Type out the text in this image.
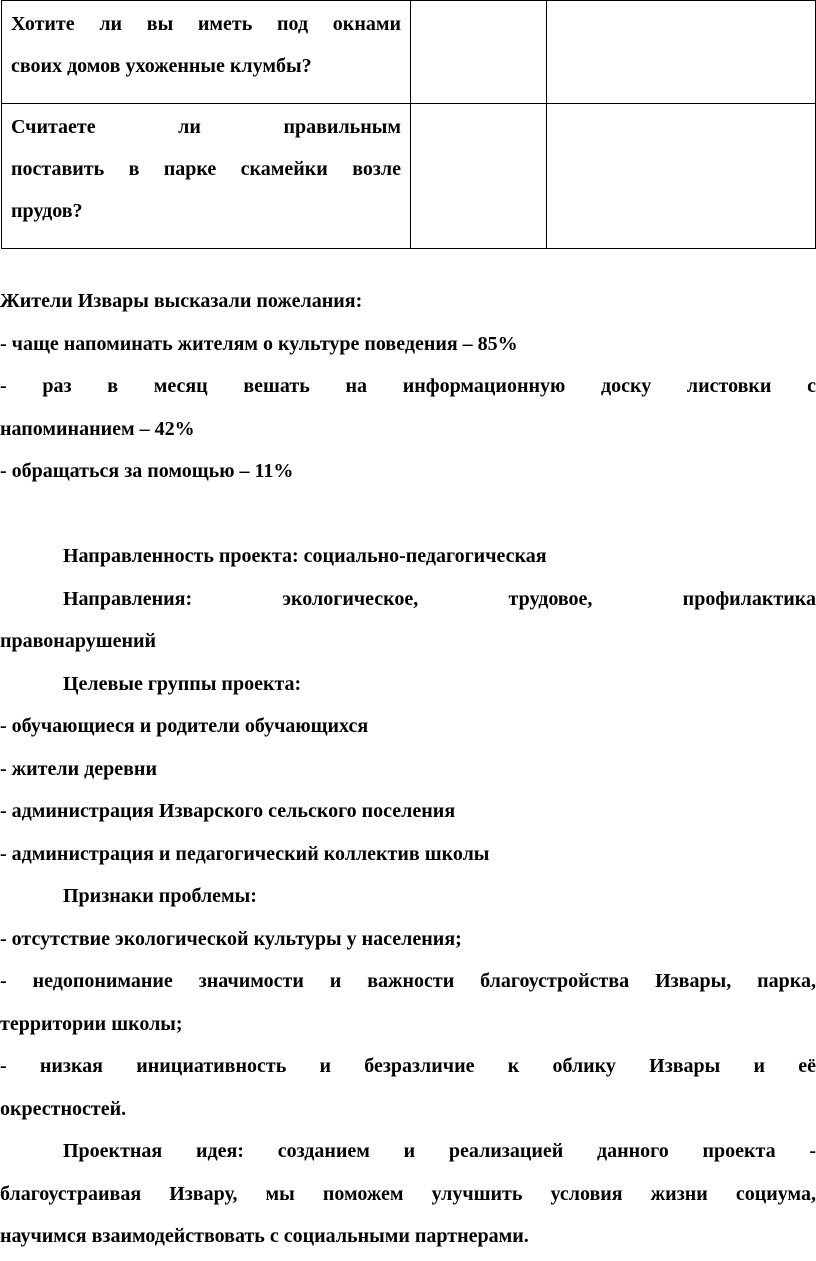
Хотите ли вы иметь под окнами
своих домов ухоженные клумбы?		

Считаете ли правильным
поставить в парке скамейки возле
прудов?		

Жители Извары высказали пожелания:

- чаще напоминать жителям о культуре поведения – 85%

- раз в месяц вешать на информационную доску листовки с

напоминанием – 42%

- обращаться за помощью – 11%

Направленность проекта: социально-педагогическая

Направления: экологическое, трудовое, профилактика

правонарушений

Целевые группы проекта:

- обучающиеся и родители обучающихся

- жители деревни

- администрация Изварского сельского поселения

- администрация и педагогический коллектив школы

Признаки проблемы:

- отсутствие экологической культуры у населения;

- недопонимание значимости и важности благоустройства Извары, парка,

территории школы;

- низкая инициативность и безразличие к облику Извары и её

окрестностей.

Проектная идея: созданием и реализацией данного проекта -

благоустраивая Извару, мы поможем улучшить условия жизни социума,

научимся взаимодействовать с социальными партнерами.
